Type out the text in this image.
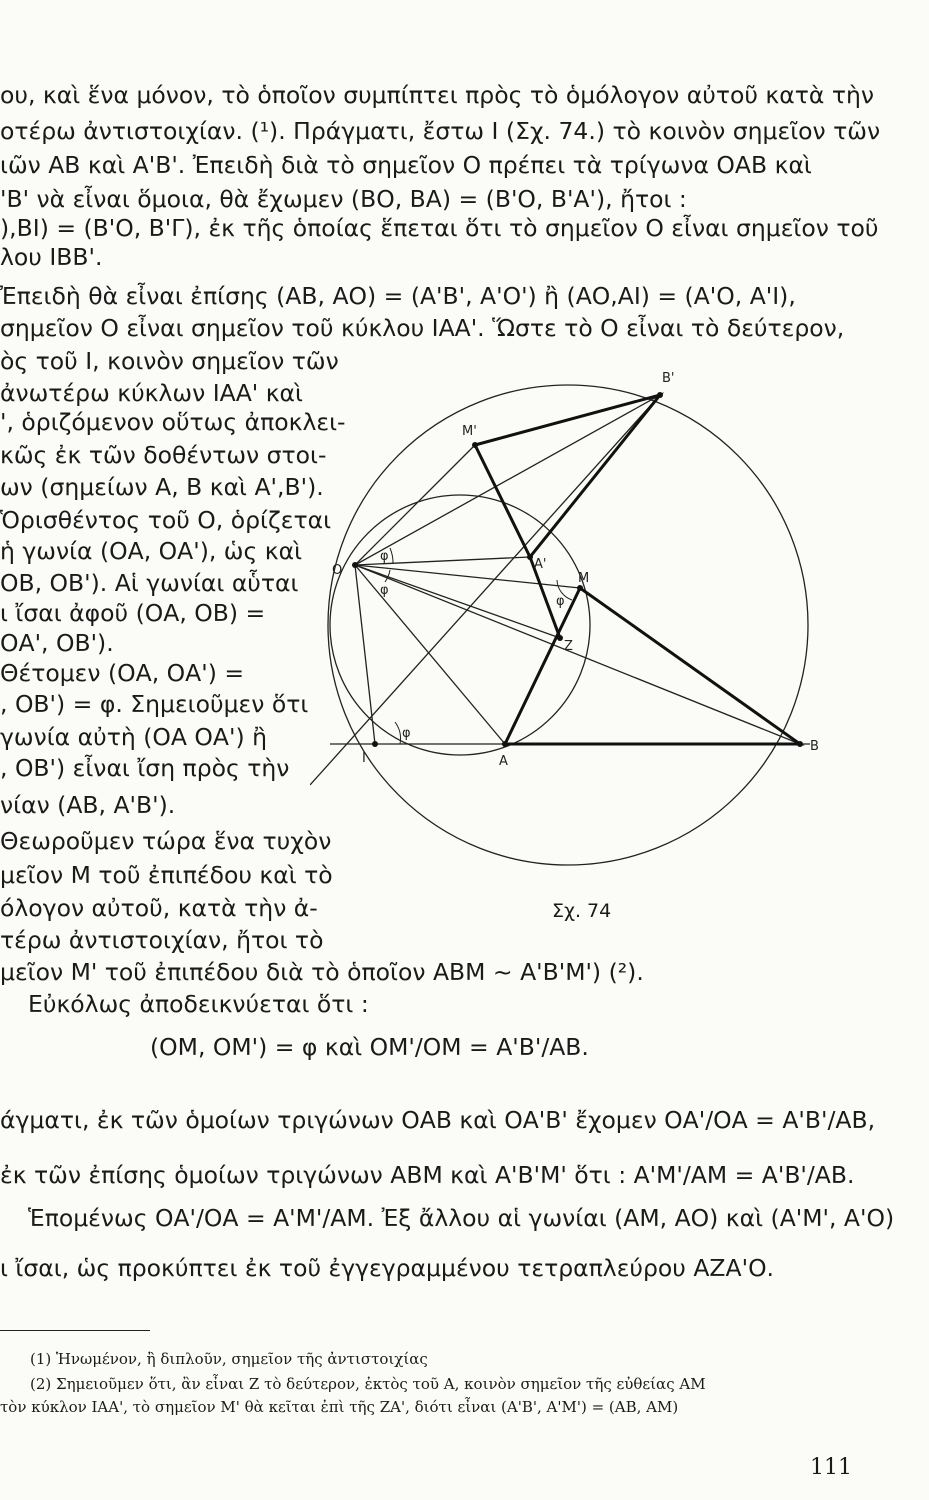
ου, καὶ ἕνα μόνον, τὸ ὁποῖον συμπίπτει πρὸς τὸ ὁμόλογον αὐτοῦ κατὰ τὴν
οτέρω ἀντιστοιχίαν. (¹). Πράγματι, ἔστω Ι (Σχ. 74.) τὸ κοινὸν σημεῖον τῶν
ιῶν ΑΒ καὶ Α'Β'. Ἐπειδὴ διὰ τὸ σημεῖον Ο πρέπει τὰ τρίγωνα ΟΑΒ καὶ
'Β' νὰ εἶναι ὅμοια, θὰ ἔχωμεν (ΒΟ, ΒΑ) = (Β'Ο, Β'Α'), ἤτοι :
),ΒΙ) = (Β'Ο, Β'Γ), ἐκ τῆς ὁποίας ἕπεται ὅτι τὸ σημεῖον Ο εἶναι σημεῖον τοῦ
λου ΙΒΒ'.
Ἐπειδὴ θὰ εἶναι ἐπίσης (ΑΒ, ΑΟ) = (Α'Β', Α'Ο') ἢ (ΑΟ,ΑΙ) = (Α'Ο, Α'Ι),
σημεῖον Ο εἶναι σημεῖον τοῦ κύκλου ΙΑΑ'. Ὥστε τὸ Ο εἶναι τὸ δεύτερον,
ὸς τοῦ Ι, κοινὸν σημεῖον τῶν
ἀνωτέρω κύκλων ΙΑΑ' καὶ
', ὁριζόμενον οὕτως ἀποκλει-
κῶς ἐκ τῶν δοθέντων στοι-
ων (σημείων Α, Β καὶ Α',Β').
Ὁρισθέντος τοῦ Ο, ὁρίζεται
ἡ γωνία (ΟΑ, ΟΑ'), ὡς καὶ
ΟΒ, ΟΒ'). Αἱ γωνίαι αὗται
ι ἴσαι ἀφοῦ (ΟΑ, ΟΒ) =
ΟΑ', ΟΒ').
Θέτομεν (ΟΑ, ΟΑ') =
, ΟΒ') = φ. Σημειοῦμεν ὅτι
γωνία αὐτὴ (ΟΑ ΟΑ') ἢ
, ΟΒ') εἶναι ἴση πρὸς τὴν
νίαν (ΑΒ, Α'Β').
Θεωροῦμεν τώρα ἕνα τυχὸν
μεῖον Μ τοῦ ἐπιπέδου καὶ τὸ
όλογον αὐτοῦ, κατὰ τὴν ἀ-
τέρω ἀντιστοιχίαν, ἤτοι τὸ
μεῖον Μ' τοῦ ἐπιπέδου διὰ τὸ ὁποῖον ΑΒΜ ~ Α'Β'Μ') (²).
Εὐκόλως ἀποδεικνύεται ὅτι :
(ΟΜ, ΟΜ') = φ καὶ ΟΜ'/ΟΜ = Α'Β'/ΑΒ.
άγματι, ἐκ τῶν ὁμοίων τριγώνων ΟΑΒ καὶ ΟΑ'Β' ἔχομεν ΟΑ'/ΟΑ = Α'Β'/ΑΒ,
ἐκ τῶν ἐπίσης ὁμοίων τριγώνων ΑΒΜ καὶ Α'Β'Μ' ὅτι : Α'Μ'/ΑΜ = Α'Β'/ΑΒ.
Ἑπομένως ΟΑ'/ΟΑ = Α'Μ'/ΑΜ. Ἐξ ἄλλου αἱ γωνίαι (ΑΜ, ΑΟ) καὶ (Α'Μ', Α'Ο)
ι ἴσαι, ὡς προκύπτει ἐκ τοῦ ἐγγεγραμμένου τετραπλεύρου ΑΖΑ'Ο.
B'
M'
O	A'
M
Z
I	A
B
φ
φ
φ
φ
Σχ. 74
(1) Ἡνωμένον, ἢ διπλοῦν, σημεῖον τῆς ἀντιστοιχίας
(2) Σημειοῦμεν ὅτι, ἂν εἶναι Ζ τὸ δεύτερον, ἐκτὸς τοῦ Α, κοινὸν σημεῖον τῆς εὐθείας ΑΜ
τὸν κύκλον ΙΑΑ', τὸ σημεῖον Μ' θὰ κεῖται ἐπὶ τῆς ΖΑ', διότι εἶναι (Α'Β', Α'Μ') = (ΑΒ, ΑΜ)
111
